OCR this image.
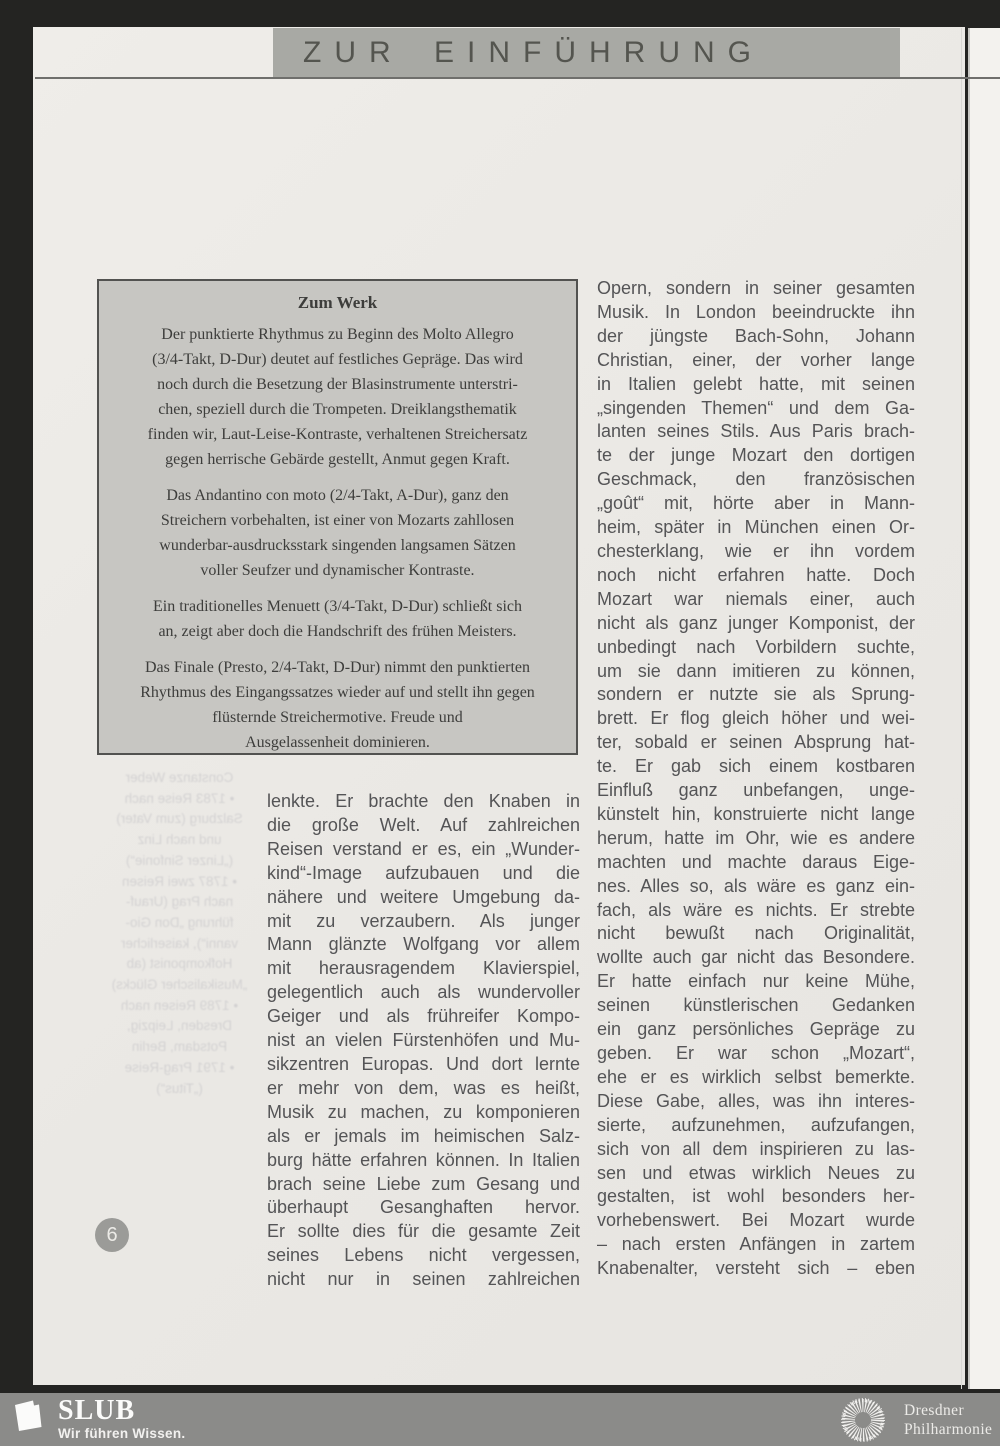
ZUR EINFÜHRUNG
Constanze Weber
• 1783 Reise nach
Salzburg (zum Vater)
und nach Linz
(„Linzer Sinfonie“)
• 1787 zwei Reisen
nach Prag (Urauf-
führung „Don Gio-
vanni“), kaiserlicher
Hofkomponist (ab
„Musikalischer Glücks)
• 1789 Reisen nach
Dresden, Leipzig,
Potsdam, Berlin
• 1791 Prag-Reise
(„Titus“)
Zum Werk
Der punktierte Rhythmus zu Beginn des Molto Allegro
(3/4-Takt, D-Dur) deutet auf festliches Gepräge. Das wird
noch durch die Besetzung der Blasinstrumente unterstri-
chen, speziell durch die Trompeten. Dreiklangsthematik
finden wir, Laut-Leise-Kontraste, verhaltenen Streichersatz
gegen herrische Gebärde gestellt, Anmut gegen Kraft.
Das Andantino con moto (2/4-Takt, A-Dur), ganz den
Streichern vorbehalten, ist einer von Mozarts zahllosen
wunderbar-ausdrucksstark singenden langsamen Sätzen
voller Seufzer und dynamischer Kontraste.
Ein traditionelles Menuett (3/4-Takt, D-Dur) schließt sich
an, zeigt aber doch die Handschrift des frühen Meisters.
Das Finale (Presto, 2/4-Takt, D-Dur) nimmt den punktierten
Rhythmus des Eingangssatzes wieder auf und stellt ihn gegen
flüsternde Streichermotive. Freude und
Ausgelassenheit dominieren.
lenkte. Er brachte den Knaben in
die große Welt. Auf zahlreichen
Reisen verstand er es, ein „Wunder-
kind“-Image aufzubauen und die
nähere und weitere Umgebung da-
mit zu verzaubern. Als junger
Mann glänzte Wolfgang vor allem
mit herausragendem Klavierspiel,
gelegentlich auch als wundervoller
Geiger und als frühreifer Kompo-
nist an vielen Fürstenhöfen und Mu-
sikzentren Europas. Und dort lernte
er mehr von dem, was es heißt,
Musik zu machen, zu komponieren
als er jemals im heimischen Salz-
burg hätte erfahren können. In Italien
brach seine Liebe zum Gesang und
überhaupt Gesanghaften hervor.
Er sollte dies für die gesamte Zeit
seines Lebens nicht vergessen,
nicht nur in seinen zahlreichen
Opern, sondern in seiner gesamten
Musik. In London beeindruckte ihn
der jüngste Bach-Sohn, Johann
Christian, einer, der vorher lange
in Italien gelebt hatte, mit seinen
„singenden Themen“ und dem Ga-
lanten seines Stils. Aus Paris brach-
te der junge Mozart den dortigen
Geschmack, den französischen
„goût“ mit, hörte aber in Mann-
heim, später in München einen Or-
chesterklang, wie er ihn vordem
noch nicht erfahren hatte. Doch
Mozart war niemals einer, auch
nicht als ganz junger Komponist, der
unbedingt nach Vorbildern suchte,
um sie dann imitieren zu können,
sondern er nutzte sie als Sprung-
brett. Er flog gleich höher und wei-
ter, sobald er seinen Absprung hat-
te. Er gab sich einem kostbaren
Einfluß ganz unbefangen, unge-
künstelt hin, konstruierte nicht lange
herum, hatte im Ohr, wie es andere
machten und machte daraus Eige-
nes. Alles so, als wäre es ganz ein-
fach, als wäre es nichts. Er strebte
nicht bewußt nach Originalität,
wollte auch gar nicht das Besondere.
Er hatte einfach nur keine Mühe,
seinen künstlerischen Gedanken
ein ganz persönliches Gepräge zu
geben. Er war schon „Mozart“,
ehe er es wirklich selbst bemerkte.
Diese Gabe, alles, was ihn interes-
sierte, aufzunehmen, aufzufangen,
sich von all dem inspirieren zu las-
sen und etwas wirklich Neues zu
gestalten, ist wohl besonders her-
vorhebenswert. Bei Mozart wurde
– nach ersten Anfängen in zartem
Knabenalter, versteht sich – eben
6
SLUB
Wir führen Wissen.
Dresdner
Philharmonie
